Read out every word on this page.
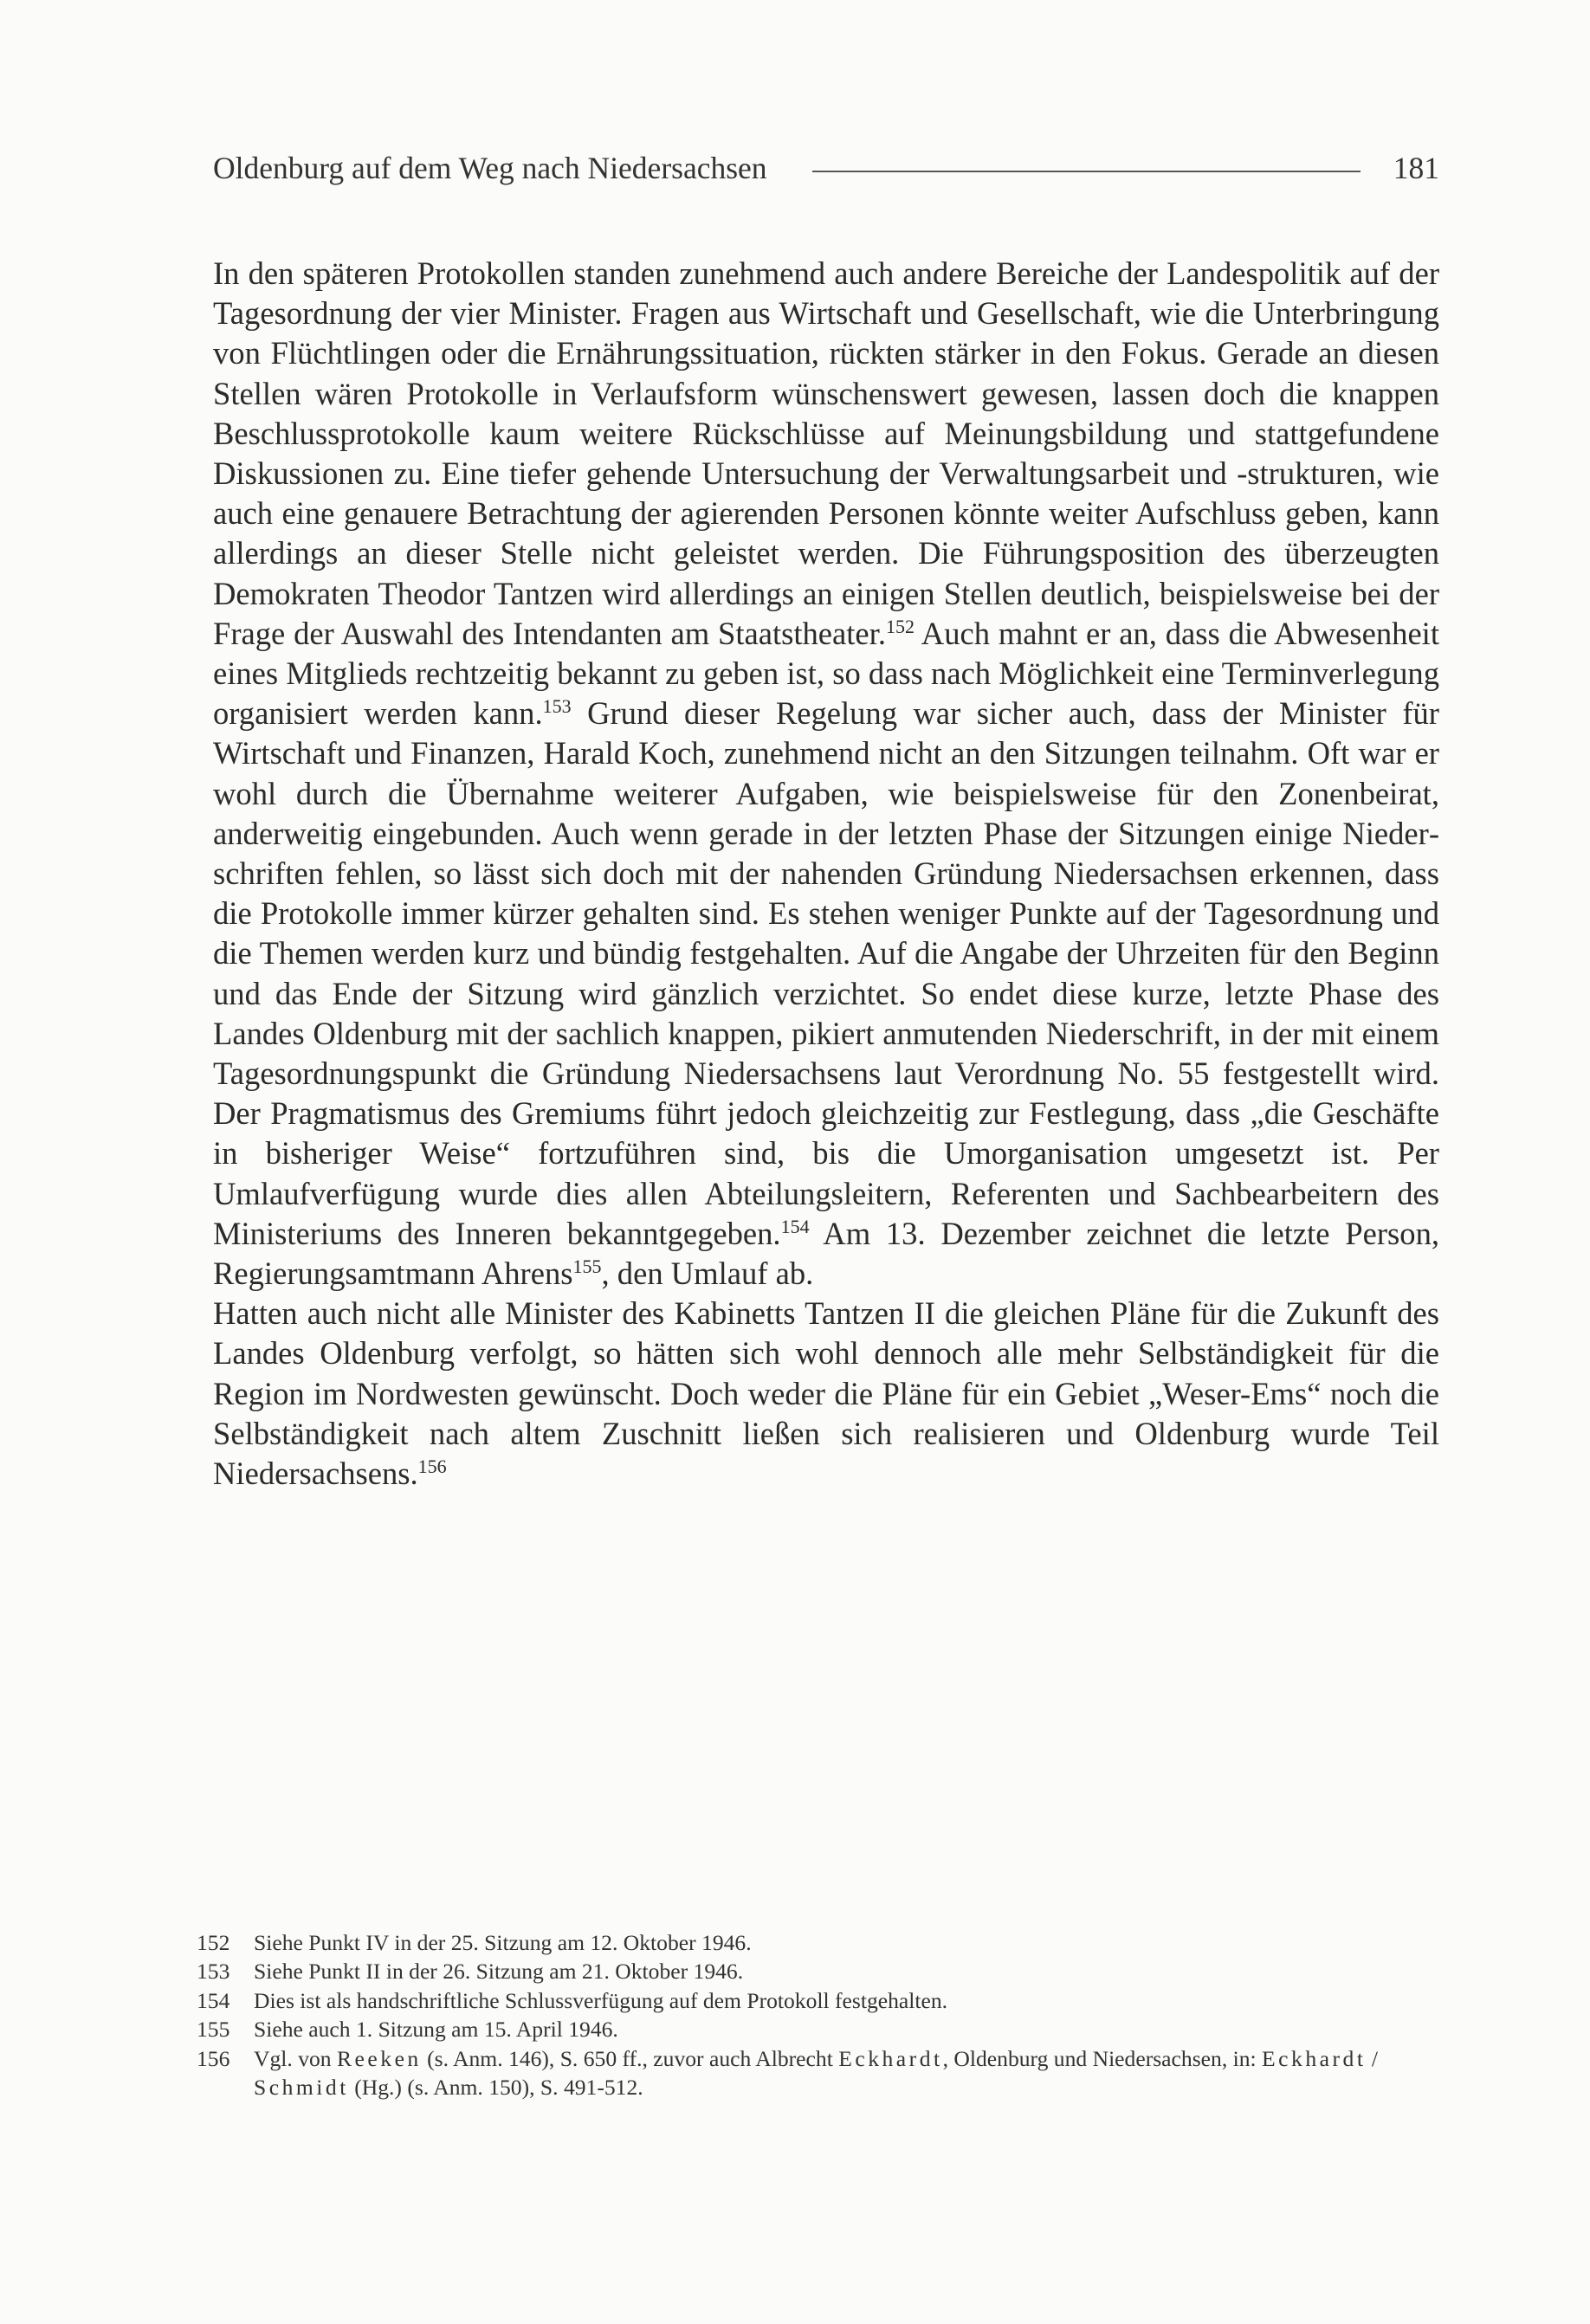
Oldenburg auf dem Weg nach Niedersachsen	181

In den späteren Protokollen standen zunehmend auch andere Bereiche der Landespolitik auf der Tagesordnung der vier Minister. Fragen aus Wirtschaft und Gesellschaft, wie die Unterbringung von Flüchtlingen oder die Ernährungssituation, rückten stärker in den Fokus. Gerade an diesen Stellen wären Protokolle in Verlaufsform wünschenswert gewesen, lassen doch die knappen Beschlussprotokolle kaum weitere Rückschlüsse auf Meinungsbildung und stattgefundene Diskussionen zu. Eine tiefer gehende Untersuchung der Verwaltungsarbeit und -strukturen, wie auch eine genauere Betrachtung der agierenden Personen könnte weiter Aufschluss geben, kann allerdings an dieser Stelle nicht geleistet werden. Die Führungsposition des überzeugten Demokraten Theodor Tantzen wird allerdings an einigen Stellen deutlich, beispielsweise bei der Frage der Auswahl des Intendanten am Staatstheater.$^{152}$ Auch mahnt er an, dass die Abwesenheit eines Mitglieds rechtzeitig bekannt zu geben ist, so dass nach Möglichkeit eine Terminverlegung organisiert werden kann.$^{153}$ Grund dieser Regelung war sicher auch, dass der Minister für Wirtschaft und Finanzen, Harald Koch, zunehmend nicht an den Sitzungen teilnahm. Oft war er wohl durch die Übernahme weiterer Aufgaben, wie beispielsweise für den Zonenbeirat, anderweitig eingebunden. Auch wenn gerade in der letzten Phase der Sitzungen einige Niederschriften fehlen, so lässt sich doch mit der nahenden Gründung Niedersachsen erkennen, dass die Protokolle immer kürzer gehalten sind. Es stehen weniger Punkte auf der Tagesordnung und die Themen werden kurz und bündig festgehalten. Auf die Angabe der Uhrzeiten für den Beginn und das Ende der Sitzung wird gänzlich verzichtet. So endet diese kurze, letzte Phase des Landes Oldenburg mit der sachlich knappen, pikiert anmutenden Niederschrift, in der mit einem Tagesordnungspunkt die Gründung Niedersachsens laut Verordnung No. 55 festgestellt wird. Der Pragmatismus des Gremiums führt jedoch gleichzeitig zur Festlegung, dass „die Geschäfte in bisheriger Weise“ fortzuführen sind, bis die Umorganisation umgesetzt ist. Per Umlaufverfügung wurde dies allen Abteilungsleitern, Referenten und Sachbearbeitern des Ministeriums des Inneren bekanntgegeben.$^{154}$ Am 13. Dezember zeichnet die letzte Person, Regierungsamtmann Ahrens$^{155}$, den Umlauf ab.

Hatten auch nicht alle Minister des Kabinetts Tantzen II die gleichen Pläne für die Zukunft des Landes Oldenburg verfolgt, so hätten sich wohl dennoch alle mehr Selbständigkeit für die Region im Nordwesten gewünscht. Doch weder die Pläne für ein Gebiet „Weser-Ems“ noch die Selbständigkeit nach altem Zuschnitt ließen sich realisieren und Oldenburg wurde Teil Niedersachsens.$^{156}$

152	Siehe Punkt IV in der 25. Sitzung am 12. Oktober 1946.
153	Siehe Punkt II in der 26. Sitzung am 21. Oktober 1946.
154	Dies ist als handschriftliche Schlussverfügung auf dem Protokoll festgehalten.
155	Siehe auch 1. Sitzung am 15. April 1946.
156	Vgl. von Reeken (s. Anm. 146), S. 650 ff., zuvor auch Albrecht Eckhardt, Oldenburg und Niedersachsen, in: Eckhardt / Schmidt (Hg.) (s. Anm. 150), S. 491-512.
